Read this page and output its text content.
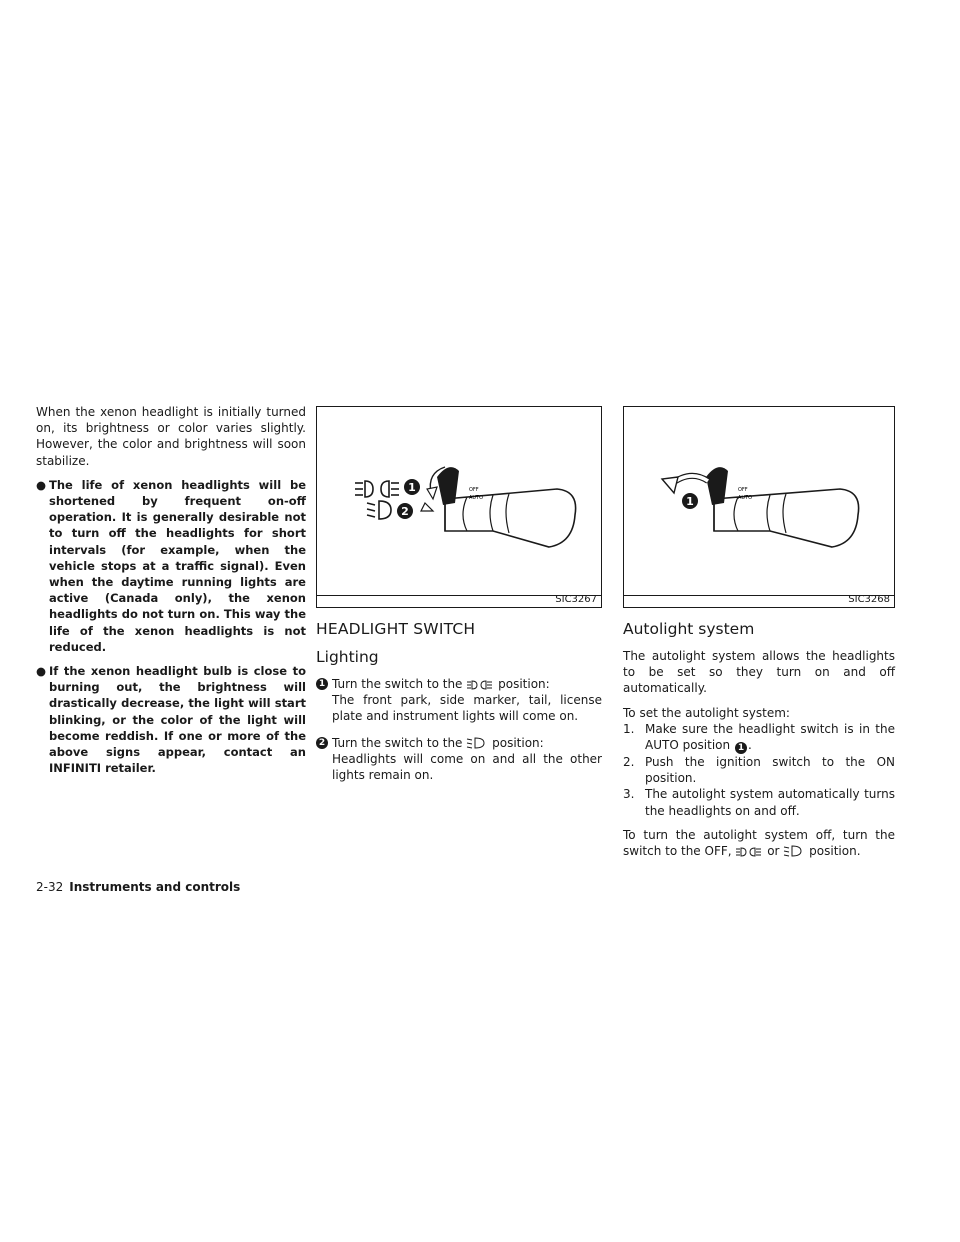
When the xenon headlight is initially turned on, its brightness or color varies slightly. However, the color and brightness will soon stabilize.

● The life of xenon headlights will be shortened by frequent on-off operation. It is generally desirable not to turn off the headlights for short intervals (for example, when the vehicle stops at a traffic signal). Even when the daytime running lights are active (Canada only), the xenon headlights do not turn on. This way the life of the xenon headlights is not reduced.
● If the xenon headlight bulb is close to burning out, the brightness will drastically decrease, the light will start blinking, or the color of the light will become reddish. If one or more of the above signs appear, contact an INFINITI retailer.
OFF
AUTO
1
2
SIC3267
HEADLIGHT SWITCH
Lighting
1 Turn the switch to the	position:

The front park, side marker, tail, license plate and instrument lights will come on.

2 Turn the switch to the position:

Headlights will come on and all the other lights remain on.

OFF
AUTO
1
SIC3268
Autolight system

The autolight system allows the headlights to be set so they turn on and off automatically.

To set the autolight system:

1. Make sure the headlight switch is in the AUTO position 1 .
2. Push the ignition switch to the ON position.
3. The autolight system automatically turns the headlights on and off.

To turn the autolight system off, turn the switch to the OFF,	or position.

2-32 Instruments and controls
